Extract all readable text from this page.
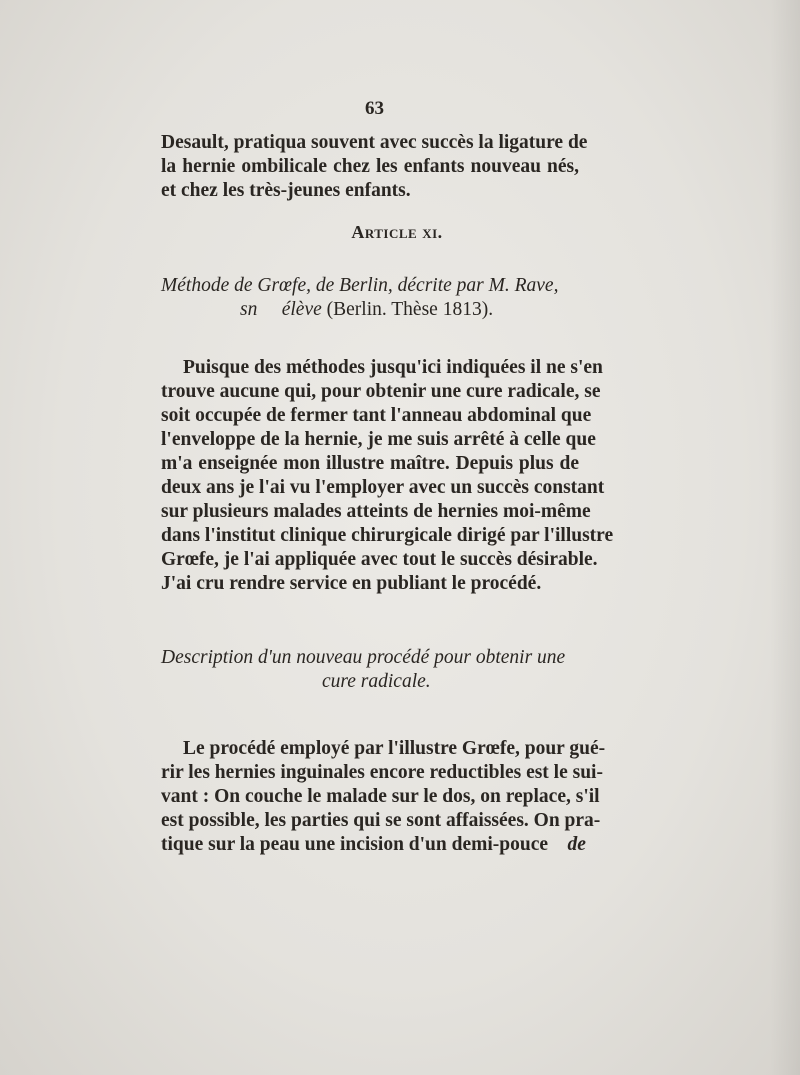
63
Desault, pratiqua souvent avec succès la ligature de
la hernie ombilicale chez les enfants nouveau nés,
et chez les très-jeunes enfants.
Article xi.
Méthode de Grœfe, de Berlin, décrite par M. Rave,
sn élève (Berlin. Thèse 1813).
Puisque des méthodes jusqu'ici indiquées il ne s'en
trouve aucune qui, pour obtenir une cure radicale, se
soit occupée de fermer tant l'anneau abdominal que
l'enveloppe de la hernie, je me suis arrêté à celle que
m'a enseignée mon illustre maître. Depuis plus de
deux ans je l'ai vu l'employer avec un succès constant
sur plusieurs malades atteints de hernies moi-même
dans l'institut clinique chirurgicale dirigé par l'illustre
Grœfe, je l'ai appliquée avec tout le succès désirable.
J'ai cru rendre service en publiant le procédé.
Description d'un nouveau procédé pour obtenir une
cure radicale.
Le procédé employé par l'illustre Grœfe, pour gué-
rir les hernies inguinales encore reductibles est le sui-
vant : On couche le malade sur le dos, on replace, s'il
est possible, les parties qui se sont affaissées. On pra-
tique sur la peau une incision d'un demi-pouce de
